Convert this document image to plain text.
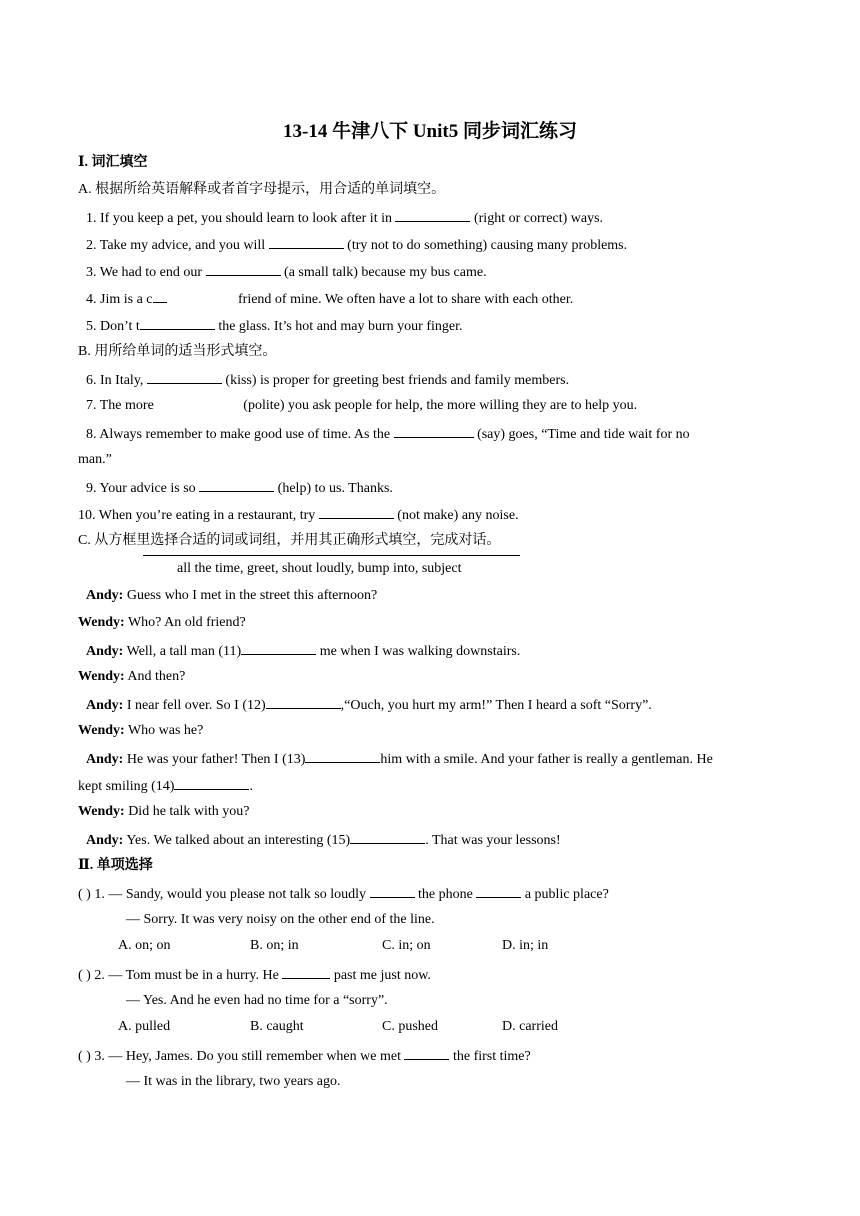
13-14 牛津八下 Unit5 同步词汇练习
Ⅰ. 词汇填空
A. 根据所给英语解释或者首字母提示，用合适的单词填空。
1. If you keep a pet, you should learn to look after it in	(right or correct) ways.
2. Take my advice, and you will	(try not to do something) causing many problems.
3. We had to end our	(a small talk) because my bus came.
4. Jim is a c	friend of mine. We often have a lot to share with each other.
5. Don’t t	the glass. It’s hot and may burn your finger.
B. 用所给单词的适当形式填空。
6. In Italy,	(kiss) is proper for greeting best friends and family members.
7. The more	(polite) you ask people for help, the more willing they are to help you.
8. Always remember to make good use of time. As the	(say) goes, “Time and tide wait for no
man.”
9. Your advice is so	(help) to us. Thanks.
10. When you’re eating in a restaurant, try	(not make) any noise.
C. 从方框里选择合适的词或词组，并用其正确形式填空，完成对话。
all the time, greet, shout loudly, bump into, subject
Andy: Guess who I met in the street this afternoon?
Wendy: Who? An old friend?
Andy: Well, a tall man (11)	me when I was walking downstairs.
Wendy: And then?
Andy: I near fell over. So I (12)	,“Ouch, you hurt my arm!” Then I heard a soft “Sorry”.
Wendy: Who was he?
Andy: He was your father! Then I (13)	him with a smile. And your father is really a gentleman. He
kept smiling (14)	.
Wendy: Did he talk with you?
Andy: Yes. We talked about an interesting (15)	. That was your lessons!
Ⅱ. 单项选择
( ) 1. — Sandy, would you please not talk so loudly	the phone	a public place?
— Sorry. It was very noisy on the other end of the line.
A. on; on	B. on; in	C. in; on	D. in; in
( ) 2. — Tom must be in a hurry. He	past me just now.
— Yes. And he even had no time for a “sorry”.
A. pulled	B. caught	C. pushed	D. carried
( ) 3. — Hey, James. Do you still remember when we met	the first time?
— It was in the library, two years ago.
